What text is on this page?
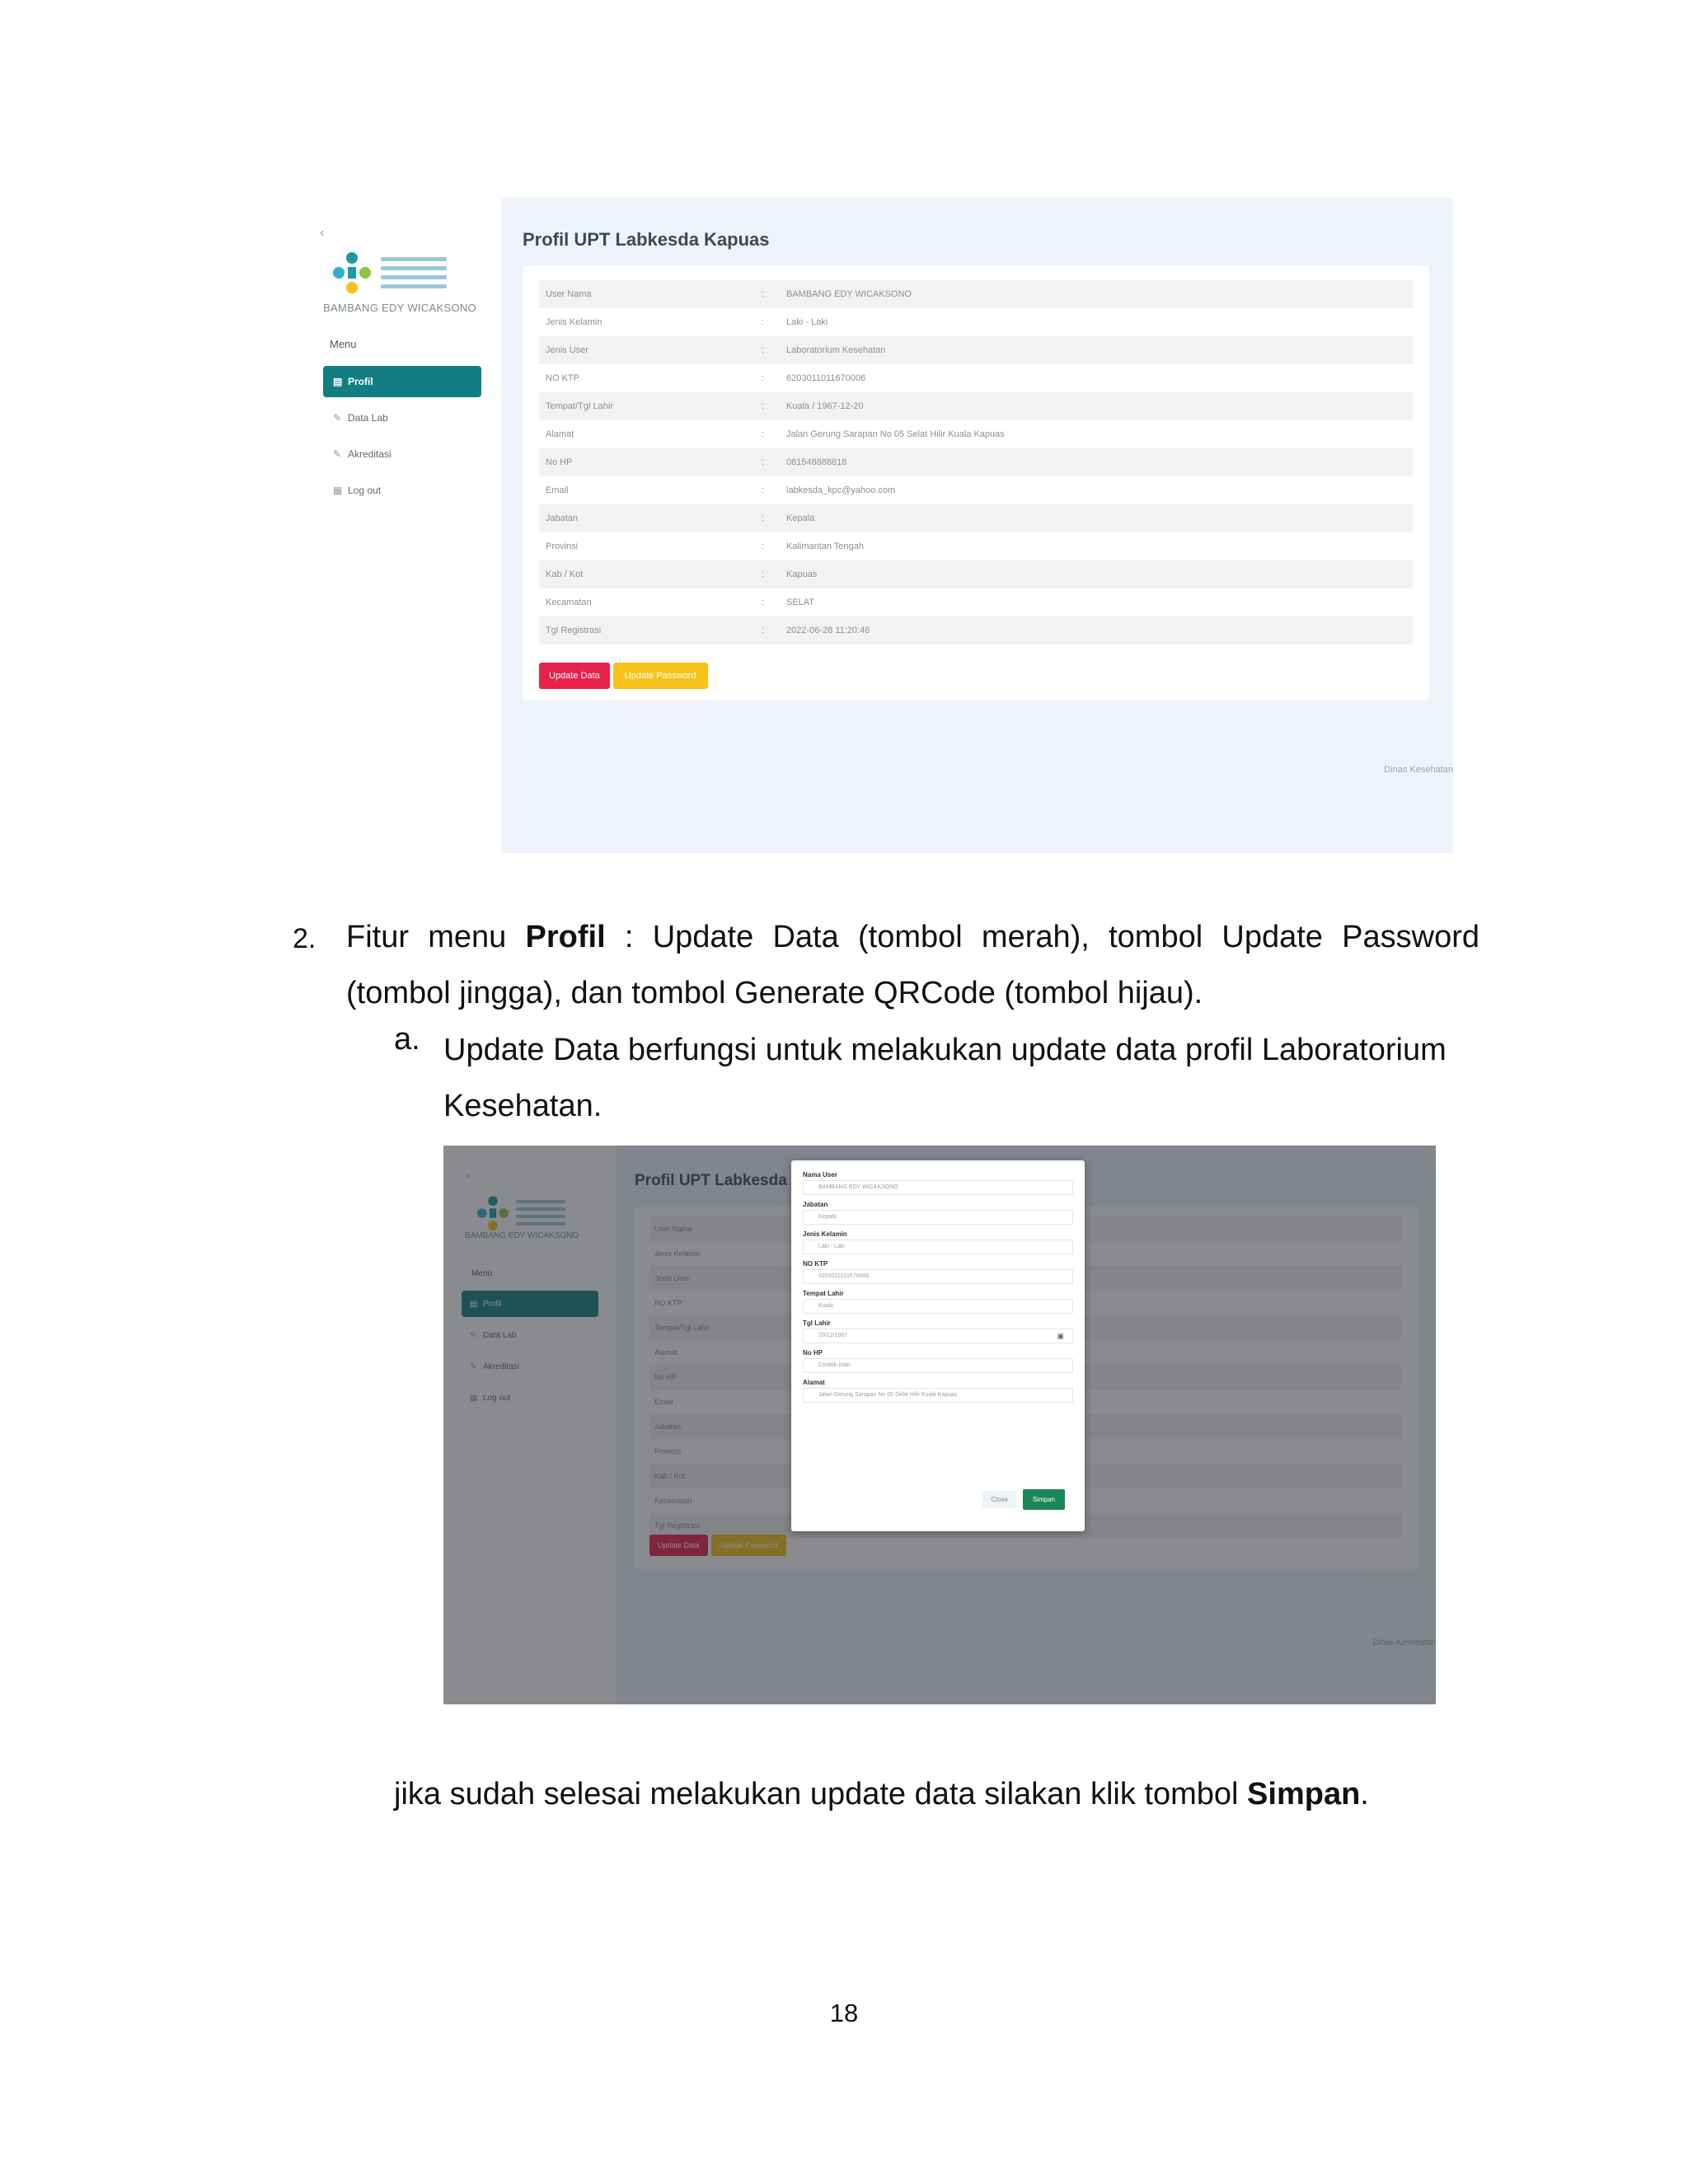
‹
BAMBANG EDY WICAKSONO
Menu
▤ Profil
✎ Data Lab
✎ Akreditasi
▦ Log out
Profil UPT Labkesda Kapuas
User Nama	:	BAMBANG EDY WICAKSONO
Jenis Kelamin	:	Laki - Laki
Jenis User	:	Laboratorium Kesehatan
NO KTP	:	6203011011670006
Tempat/Tgl Lahir	:	Kuala / 1967-12-20
Alamat	:	Jalan Gerung Sarapan No 05 Selat Hilir Kuala Kapuas
No HP	:	081548888818
Email	:	labkesda_kpc@yahoo.com
Jabatan	:	Kepala
Provinsi	:	Kalimantan Tengah
Kab / Kot	:	Kapuas
Kecamatan	:	SELAT
Tgl Registrasi	:	2022-06-28 11:20:46
Update Data	Update Password
Dinas Kesehatan
2. Fitur menu Profil : Update Data (tombol merah), tombol Update Password (tombol jingga), dan tombol Generate QRCode (tombol hijau).
a. Update Data berfungsi untuk melakukan update data profil Laboratorium Kesehatan.
Nama User
BAMBANG EDY WICAKSONO
Jabatan
Kepala
Jenis Kelamin
Laki - Laki
NO KTP
6203011011670006
Tempat Lahir
Kuala
Tgl Lahir
20/12/1967	▣
No HP
Contoh isian
Alamat
Jalan Gerung Sarapan No 05 Selat Hilir Kuala Kapuas
Close	Simpan
jika sudah selesai melakukan update data silakan klik tombol Simpan.
18
